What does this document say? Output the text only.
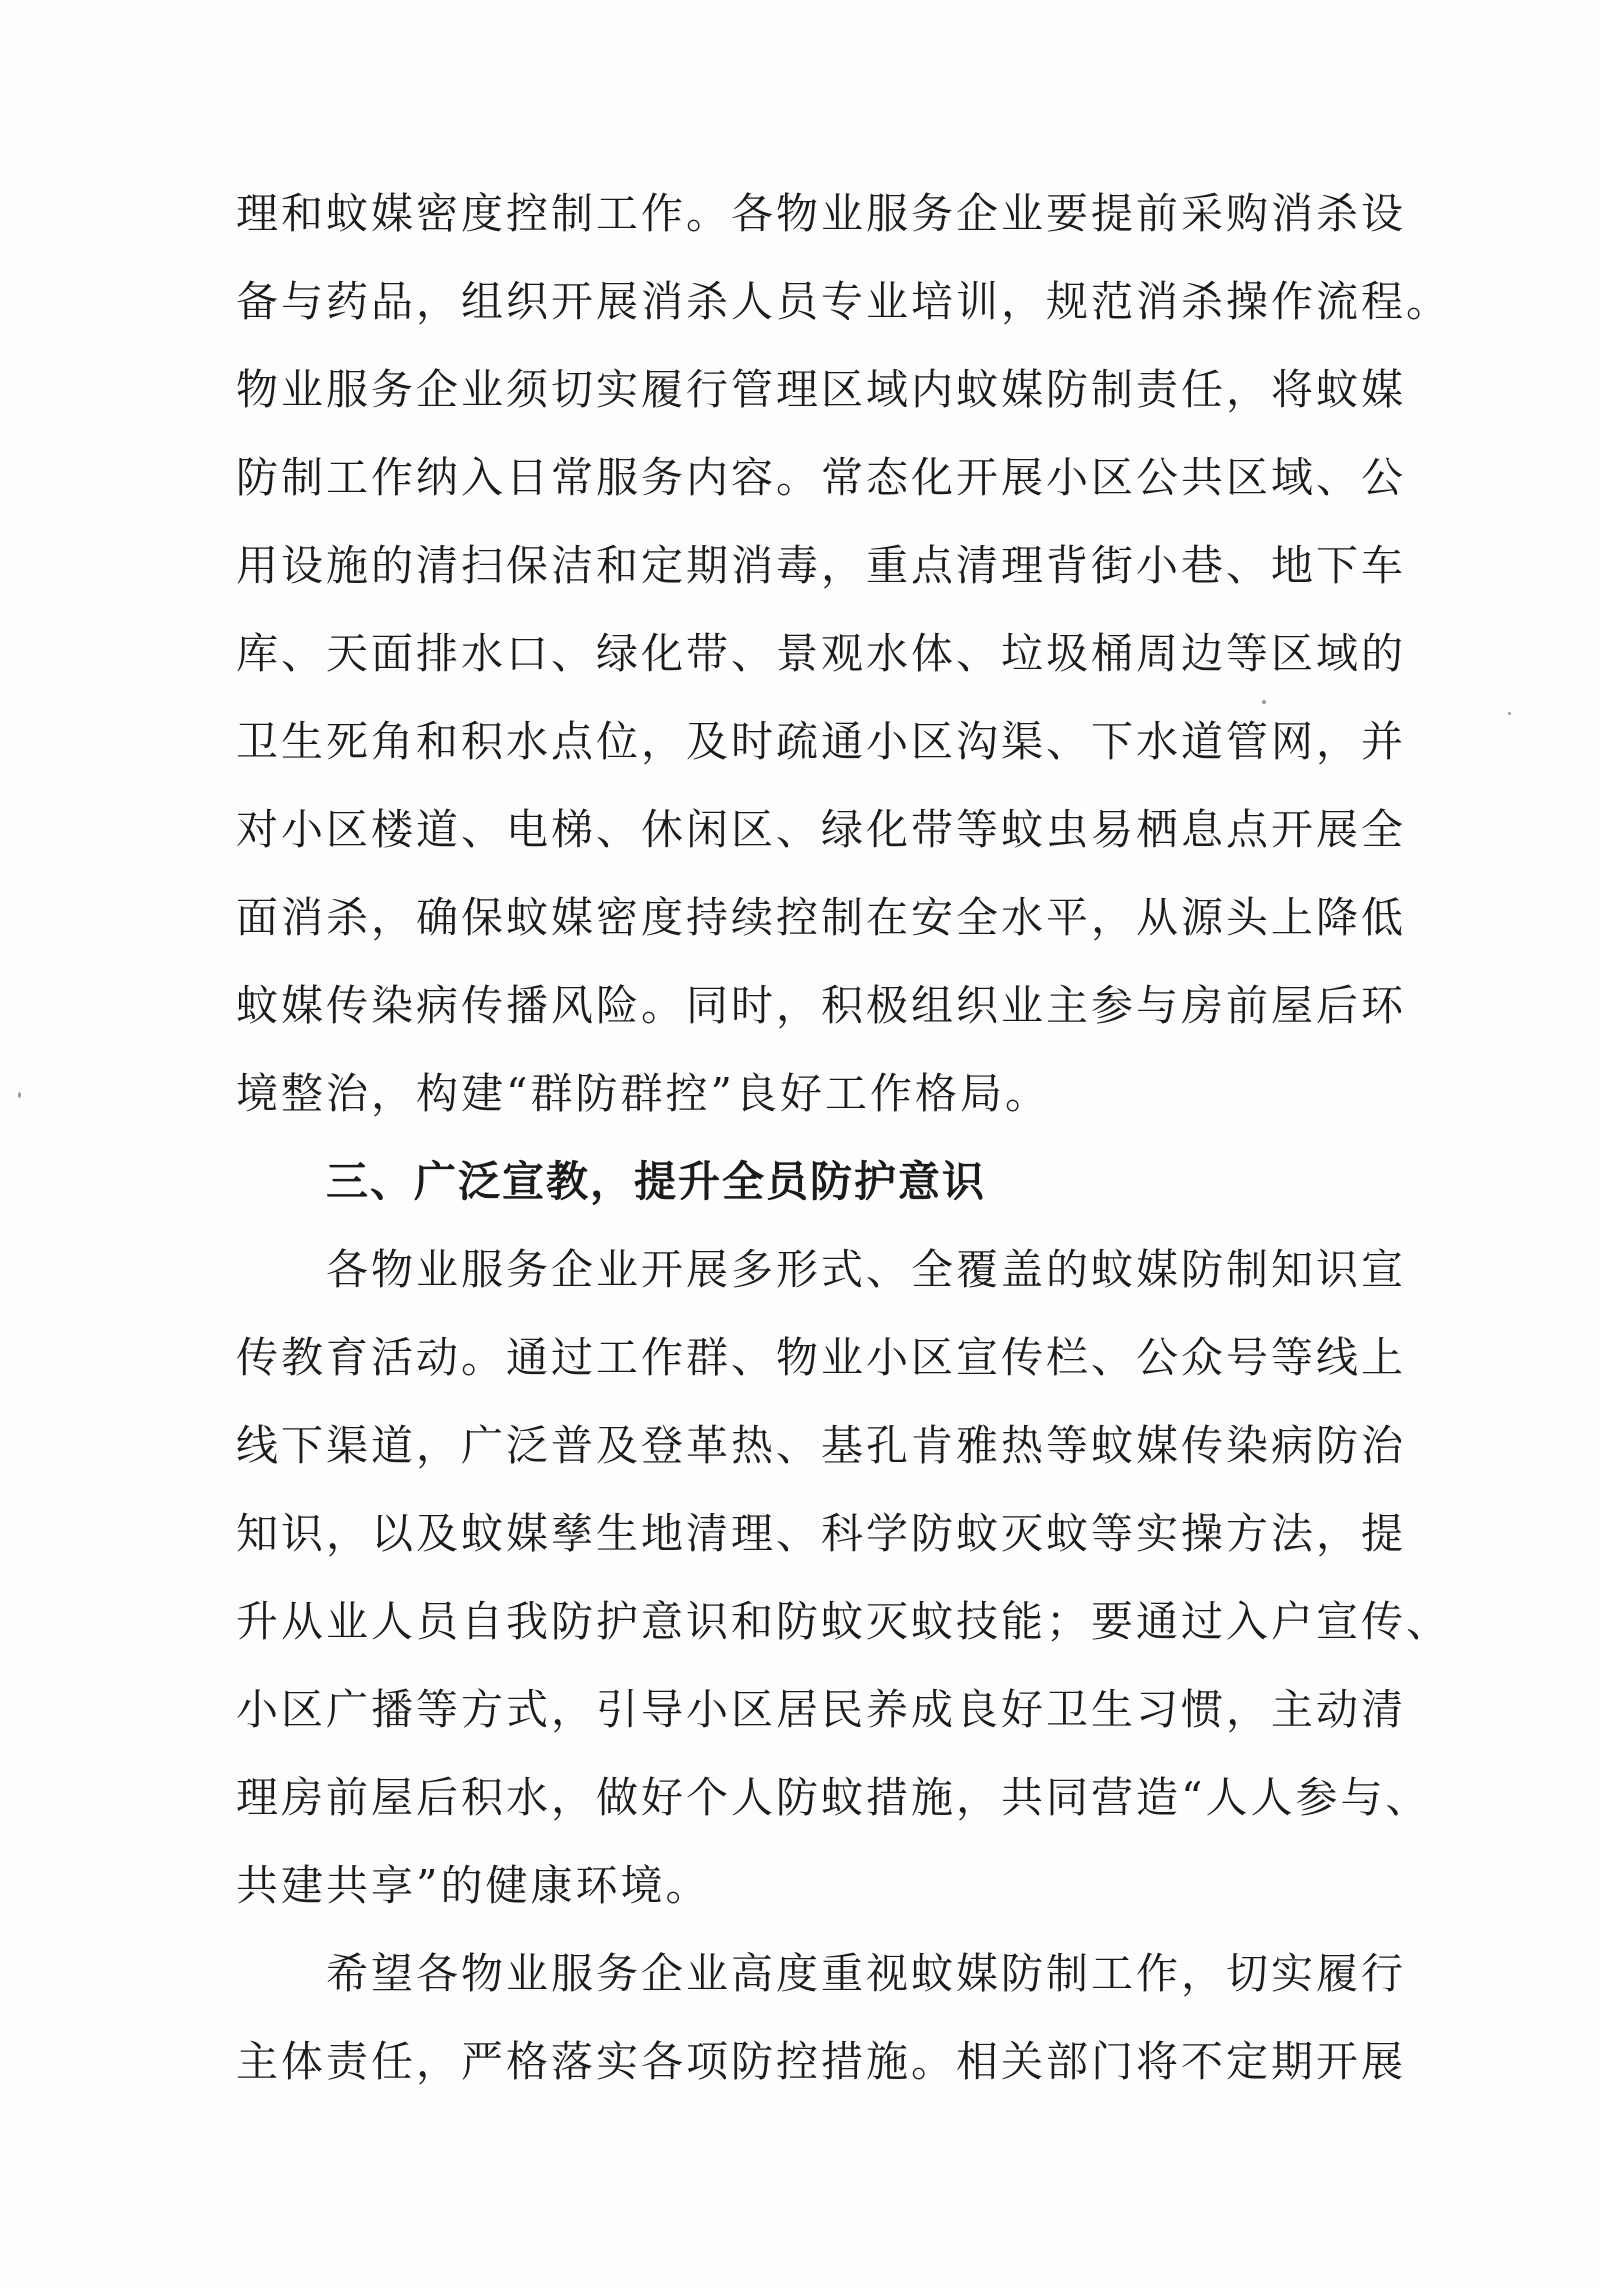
理和蚊媒密度控制工作。各物业服务企业要提前采购消杀设
备与药品，组织开展消杀人员专业培训，规范消杀操作流程。
物业服务企业须切实履行管理区域内蚊媒防制责任，将蚊媒
防制工作纳入日常服务内容。常态化开展小区公共区域、公
用设施的清扫保洁和定期消毒，重点清理背街小巷、地下车
库、天面排水口、绿化带、景观水体、垃圾桶周边等区域的
卫生死角和积水点位，及时疏通小区沟渠、下水道管网，并
对小区楼道、电梯、休闲区、绿化带等蚊虫易栖息点开展全
面消杀，确保蚊媒密度持续控制在安全水平，从源头上降低
蚊媒传染病传播风险。同时，积极组织业主参与房前屋后环
境整治，构建“群防群控”良好工作格局。
三、广泛宣教，提升全员防护意识
各物业服务企业开展多形式、全覆盖的蚊媒防制知识宣
传教育活动。通过工作群、物业小区宣传栏、公众号等线上
线下渠道，广泛普及登革热、基孔肯雅热等蚊媒传染病防治
知识，以及蚊媒孳生地清理、科学防蚊灭蚊等实操方法，提
升从业人员自我防护意识和防蚊灭蚊技能；要通过入户宣传、
小区广播等方式，引导小区居民养成良好卫生习惯，主动清
理房前屋后积水，做好个人防蚊措施，共同营造“人人参与、
共建共享”的健康环境。
希望各物业服务企业高度重视蚊媒防制工作，切实履行
主体责任，严格落实各项防控措施。相关部门将不定期开展
